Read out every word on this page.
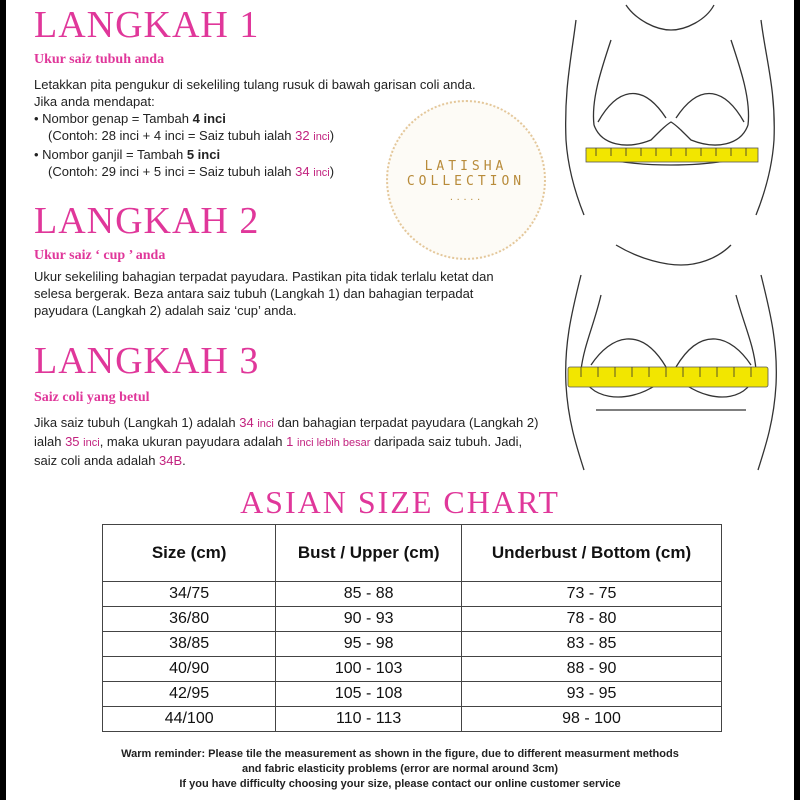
LANGKAH 1
Ukur saiz tubuh anda
Letakkan pita pengukur di sekeliling tulang rusuk di bawah garisan coli anda.
Jika anda mendapat:
• Nombor genap = Tambah 4 inci
(Contoh: 28 inci + 4 inci = Saiz tubuh ialah 32 inci)
• Nombor ganjil = Tambah 5 inci
(Contoh: 29 inci + 5 inci = Saiz tubuh ialah 34 inci)	LATISHA
COLLECTION
.....
LANGKAH 2
Ukur saiz ‘ cup ’ anda

Ukur sekeliling bahagian terpadat payudara. Pastikan pita tidak terlalu ketat dan selesa bergerak. Beza antara saiz tubuh (Langkah 1) dan bahagian terpadat payudara (Langkah 2) adalah saiz ‘cup’ anda.

LANGKAH 3
Saiz coli yang betul

Jika saiz tubuh (Langkah 1) adalah 34 inci dan bahagian terpadat payudara (Langkah 2) ialah 35 inci, maka ukuran payudara adalah 1 inci lebih besar daripada saiz tubuh. Jadi, saiz coli anda adalah 34B.

ASIAN SIZE CHART
Size (cm)	Bust / Upper (cm)	Underbust / Bottom (cm)
34/75	85 - 88	73 - 75
36/80	90 - 93	78 - 80
38/85	95 - 98	83 - 85
40/90	100 - 103	88 - 90
42/95	105 - 108	93 - 95
44/100	110 - 113	98 - 100
Warm reminder: Please tile the measurement as shown in the figure, due to different measurment methods
and fabric elasticity problems (error are normal around 3cm)
If you have difficulty choosing your size, please contact our online customer service
